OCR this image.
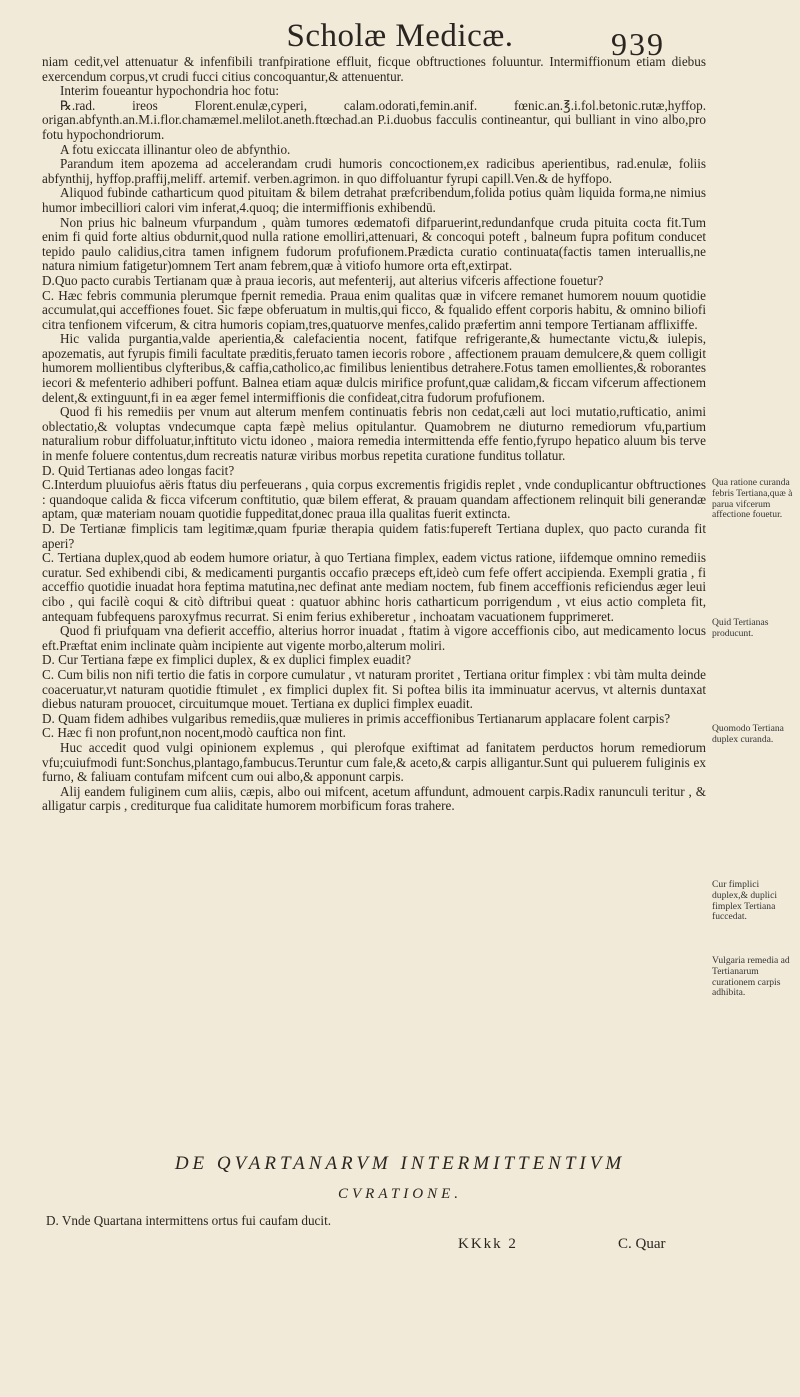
Scholæ Medicæ.	939

niam cedit,vel attenuatur & infenfibili tranfpiratione effluit, ficque obftructiones foluuntur. Intermiffionum etiam diebus exercendum corpus,vt crudi fucci citius concoquantur,& attenuentur.

Interim foueantur hypochondria hoc fotu:

℞.rad. ireos Florent.enulæ,cyperi, calam.odorati,femin.anif. fœnic.an.℥.i.fol.betonic.rutæ,hyffop. origan.abfynth.an.M.i.flor.chamæmel.melilot.aneth.ftœchad.an P.i.duobus facculis contineantur, qui bulliant in vino albo,pro fotu hypochondriorum.

A fotu exiccata illinantur oleo de abfynthio.

Parandum item apozema ad accelerandam crudi humoris concoctionem,ex radicibus aperientibus, rad.enulæ, foliis abfynthij, hyffop.praffij,meliff. artemif. verben.agrimon. in quo diffoluantur fyrupi capill.Ven.& de hyffopo.

Aliquod fubinde catharticum quod pituitam & bilem detrahat præfcribendum,folida potius quàm liquida forma,ne nimius humor imbecilliori calori vim inferat,4.quoq; die intermiffionis exhibendū.

Non prius hic balneum vfurpandum , quàm tumores œdematofi difparuerint,redundanfque cruda pituita cocta fit.Tum enim fi quid forte altius obdurnit,quod nulla ratione emolliri,attenuari, & concoqui poteft , balneum fupra pofitum conducet tepido paulo calidius,citra tamen infignem fudorum profufionem.Prædicta curatio continuata(factis tamen interuallis,ne natura nimium fatigetur)omnem Tert anam febrem,quæ à vitiofo humore orta eft,extirpat.

D.Quo pacto curabis Tertianam quæ à praua iecoris, aut mefenterij, aut alterius vifceris affectione fouetur?

C. Hæc febris communia plerumque fpernit remedia. Praua enim qualitas quæ in vifcere remanet humorem nouum quotidie accumulat,qui acceffiones fouet. Sic fæpe obferuatum in multis,qui ficco, & fqualido effent corporis habitu, & omnino biliofi citra tenfionem vifcerum, & citra humoris copiam,tres,quatuorve menfes,calido præfertim anni tempore Tertianam afflixiffe.

Hic valida purgantia,valde aperientia,& calefacientia nocent, fatifque refrigerante,& humectante victu,& iulepis, apozematis, aut fyrupis fimili facultate præditis,feruato tamen iecoris robore , affectionem prauam demulcere,& quem colligit humorem mollientibus clyfteribus,& caffia,catholico,ac fimilibus lenientibus detrahere.Fotus tamen emollientes,& roborantes iecori & mefenterio adhiberi poffunt. Balnea etiam aquæ dulcis mirifice profunt,quæ calidam,& ficcam vifcerum affectionem delent,& extinguunt,fi in ea æger femel intermiffionis die confideat,citra fudorum profufionem.

Quod fi his remediis per vnum aut alterum menfem continuatis febris non cedat,cæli aut loci mutatio,rufticatio, animi oblectatio,& voluptas vndecumque capta fæpè melius opitulantur. Quamobrem ne diuturno remediorum vfu,partium naturalium robur diffoluatur,inftituto victu idoneo , maiora remedia intermittenda effe fentio,fyrupo hepatico aluum bis terve in menfe foluere contentus,dum recreatis naturæ viribus morbus repetita curatione funditus tollatur.

D. Quid Tertianas adeo longas facit?

C.Interdum pluuiofus aëris ftatus diu perfeuerans , quia corpus excrementis frigidis replet , vnde conduplicantur obftructiones : quandoque calida & ficca vifcerum conftitutio, quæ bilem efferat, & prauam quandam affectionem relinquit bili generandæ aptam, quæ materiam nouam quotidie fuppeditat,donec praua illa qualitas fuerit extincta.

D. De Tertianæ fimplicis tam legitimæ,quam fpuriæ therapia quidem fatis:fupereft Tertiana duplex, quo pacto curanda fit aperi?

C. Tertiana duplex,quod ab eodem humore oriatur, à quo Tertiana fimplex, eadem victus ratione, iifdemque omnino remediis curatur. Sed exhibendi cibi, & medicamenti purgantis occafio præceps eft,ideò cum fefe offert accipienda. Exempli gratia , fi acceffio quotidie inuadat hora feptima matutina,nec definat ante mediam noctem, fub finem acceffionis reficiendus æger leui cibo , qui facilè coqui & citò diftribui queat : quatuor abhinc horis catharticum porrigendum , vt eius actio completa fit, antequam fubfequens paroxyfmus recurrat. Si enim ferius exhiberetur , inchoatam vacuationem fupprimeret.

Quod fi priufquam vna defierit acceffio, alterius horror inuadat , ftatim à vigore acceffionis cibo, aut medicamento locus eft.Præftat enim inclinate quàm incipiente aut vigente morbo,alterum moliri.

D. Cur Tertiana fæpe ex fimplici duplex, & ex duplici fimplex euadit?

C. Cum bilis non nifi tertio die fatis in corpore cumulatur , vt naturam proritet , Tertiana oritur fimplex : vbi tàm multa deinde coaceruatur,vt naturam quotidie ftimulet , ex fimplici duplex fit. Si poftea bilis ita imminuatur acervus, vt alternis duntaxat diebus naturam prouocet, circuitumque mouet. Tertiana ex duplici fimplex euadit.

D. Quam fidem adhibes vulgaribus remediis,quæ mulieres in primis acceffionibus Tertianarum applacare folent carpis?

C. Hæc fi non profunt,non nocent,modò cauftica non fint.

Huc accedit quod vulgi opinionem explemus , qui plerofque exiftimat ad fanitatem perductos horum remediorum vfu;cuiufmodi funt:Sonchus,plantago,fambucus.Teruntur cum fale,& aceto,& carpis alligantur.Sunt qui puluerem fuliginis ex furno, & faliuam contufam mifcent cum oui albo,& apponunt carpis.

Alij eandem fuliginem cum aliis, cæpis, albo oui mifcent, acetum affundunt, admouent carpis.Radix ranunculi teritur , & alligatur carpis , crediturque fua caliditate humorem morbificum foras trahere.

Qua ratione curanda febris Tertiana,quæ à parua vifcerum affectione fouetur.
Quid Tertianas producunt.
Quomodo Tertiana duplex curanda.
Cur fimplici duplex,& duplici fimplex Tertiana fuccedat.
Vulgaria remedia ad Tertianarum curationem carpis adhibita.
DE QVARTANARVM INTERMITTENTIVM
CVRATIONE.
D. Vnde Quartana intermittens ortus fui caufam ducit.
KKkk 2	C. Quar
